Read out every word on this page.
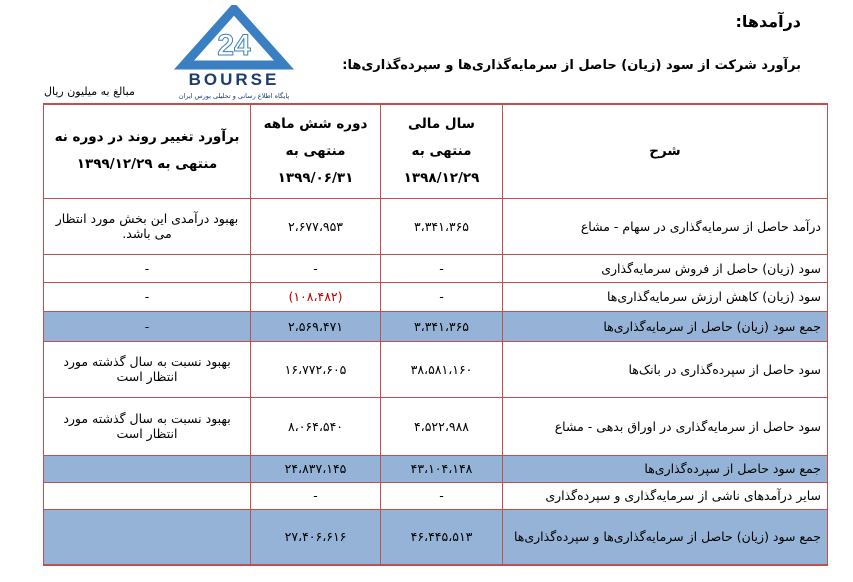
درآمدها:
برآورد شرکت از سود (زیان) حاصل از سرمایه‌گذاری‌ها و سپرده‌گذاری‌ها:
24
BOURSE
پایگاه اطلاع رسانی و تحلیلی بورس ایران
مبالغ به میلیون ریال
شرح	سال مالی منتهی به ۱۳۹۸/۱۲/۲۹	دوره شش ماهه منتهی به ۱۳۹۹/۰۶/۳۱	برآورد تغییر روند در دوره نه منتهی به ۱۳۹۹/۱۲/۲۹
درآمد حاصل از سرمایه‌گذاری در سهام - مشاع	۳،۳۴۱،۳۶۵	۲،۶۷۷،۹۵۳	بهبود درآمدی این بخش مورد انتظار می باشد.
سود (زیان) حاصل از فروش سرمایه‌گذاری	-	-	-
سود (زیان) کاهش ارزش سرمایه‌گذاری‌ها	-	(۱۰۸،۴۸۲)	-
جمع سود (زیان) حاصل از سرمایه‌گذاری‌ها	۳،۳۴۱،۳۶۵	۲،۵۶۹،۴۷۱	-
سود حاصل از سپرده‌گذاری در بانک‌ها	۳۸،۵۸۱،۱۶۰	۱۶،۷۷۲،۶۰۵	بهبود نسبت به سال گذشته مورد انتظار است
سود حاصل از سرمایه‌گذاری در اوراق بدهی - مشاع	۴،۵۲۲،۹۸۸	۸،۰۶۴،۵۴۰	بهبود نسبت به سال گذشته مورد انتظار است
جمع سود حاصل از سپرده‌گذاری‌ها	۴۳،۱۰۴،۱۴۸	۲۴،۸۳۷،۱۴۵	
سایر درآمدهای ناشی از سرمایه‌گذاری و سپرده‌گذاری	-	-	
جمع سود (زیان) حاصل از سرمایه‌گذاری‌ها و سپرده‌گذاری‌ها	۴۶،۴۴۵،۵۱۳	۲۷،۴۰۶،۶۱۶	
